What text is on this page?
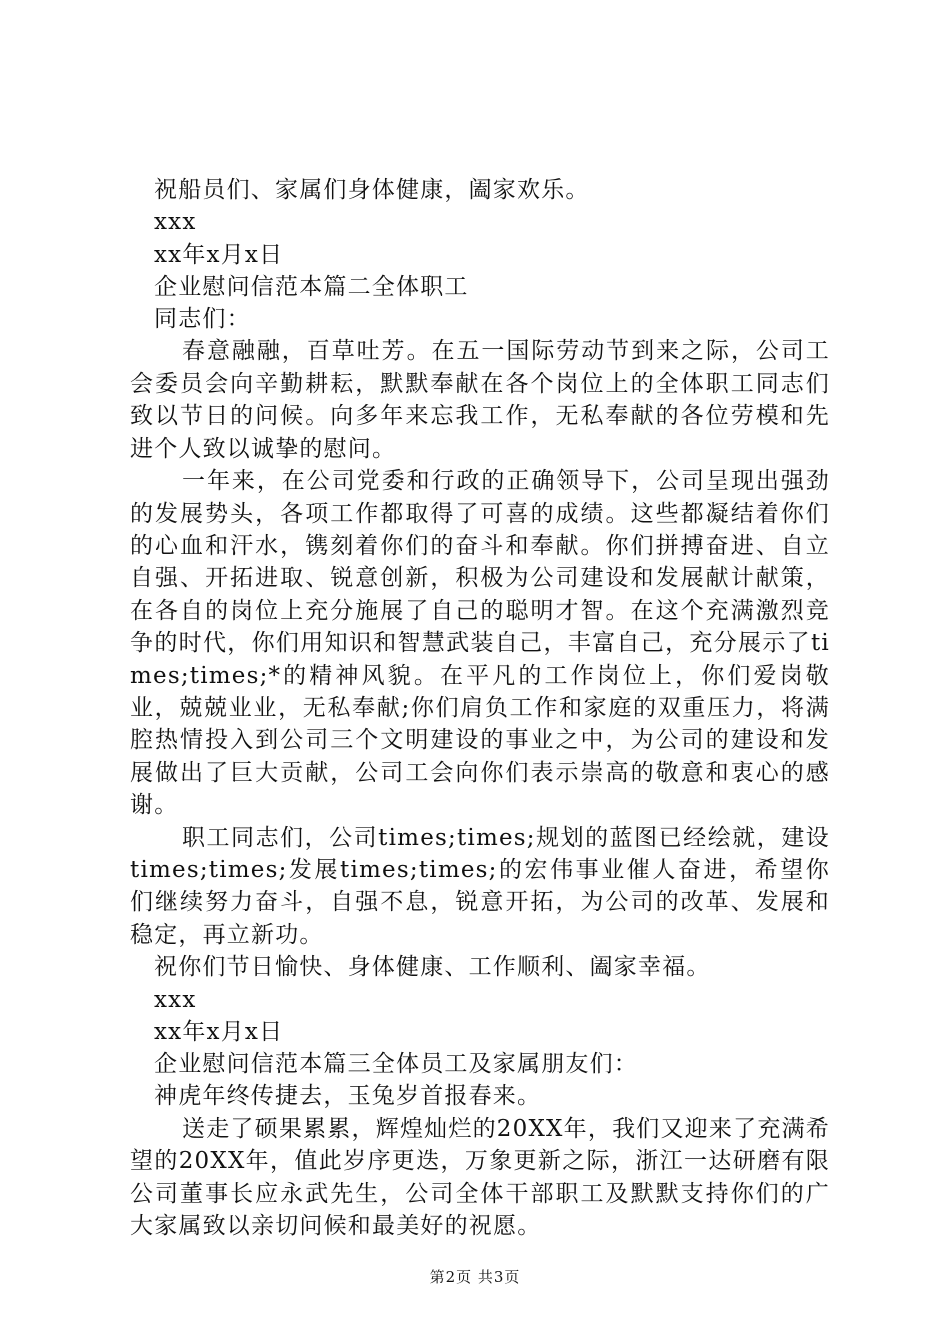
祝船员们、家属们身体健康，阖家欢乐。

xxx

xx年x月x日

企业慰问信范本篇二全体职工

同志们：

春意融融，百草吐芳。在五一国际劳动节到来之际，公司工会委员会向辛勤耕耘，默默奉献在各个岗位上的全体职工同志们致以节日的问候。向多年来忘我工作，无私奉献的各位劳模和先进个人致以诚挚的慰问。

一年来，在公司党委和行政的正确领导下，公司呈现出强劲的发展势头，各项工作都取得了可喜的成绩。这些都凝结着你们的心血和汗水，镌刻着你们的奋斗和奉献。你们拼搏奋进、自立自强、开拓进取、锐意创新，积极为公司建设和发展献计献策，在各自的岗位上充分施展了自己的聪明才智。在这个充满激烈竞争的时代，你们用知识和智慧武装自己，丰富自己，充分展示了times;times;*的精神风貌。在平凡的工作岗位上，你们爱岗敬业，兢兢业业，无私奉献;你们肩负工作和家庭的双重压力，将满腔热情投入到公司三个文明建设的事业之中，为公司的建设和发展做出了巨大贡献，公司工会向你们表示崇高的敬意和衷心的感谢。

职工同志们，公司times;times;规划的蓝图已经绘就，建设times;times;发展times;times;的宏伟事业催人奋进，希望你们继续努力奋斗，自强不息，锐意开拓，为公司的改革、发展和稳定，再立新功。

祝你们节日愉快、身体健康、工作顺利、阖家幸福。

xxx

xx年x月x日

企业慰问信范本篇三全体员工及家属朋友们：

神虎年终传捷去，玉兔岁首报春来。

送走了硕果累累，辉煌灿烂的20XX年，我们又迎来了充满希望的20XX年，值此岁序更迭，万象更新之际，浙江一达研磨有限公司董事长应永武先生，公司全体干部职工及默默支持你们的广大家属致以亲切问候和最美好的祝愿。

第2页 共3页
